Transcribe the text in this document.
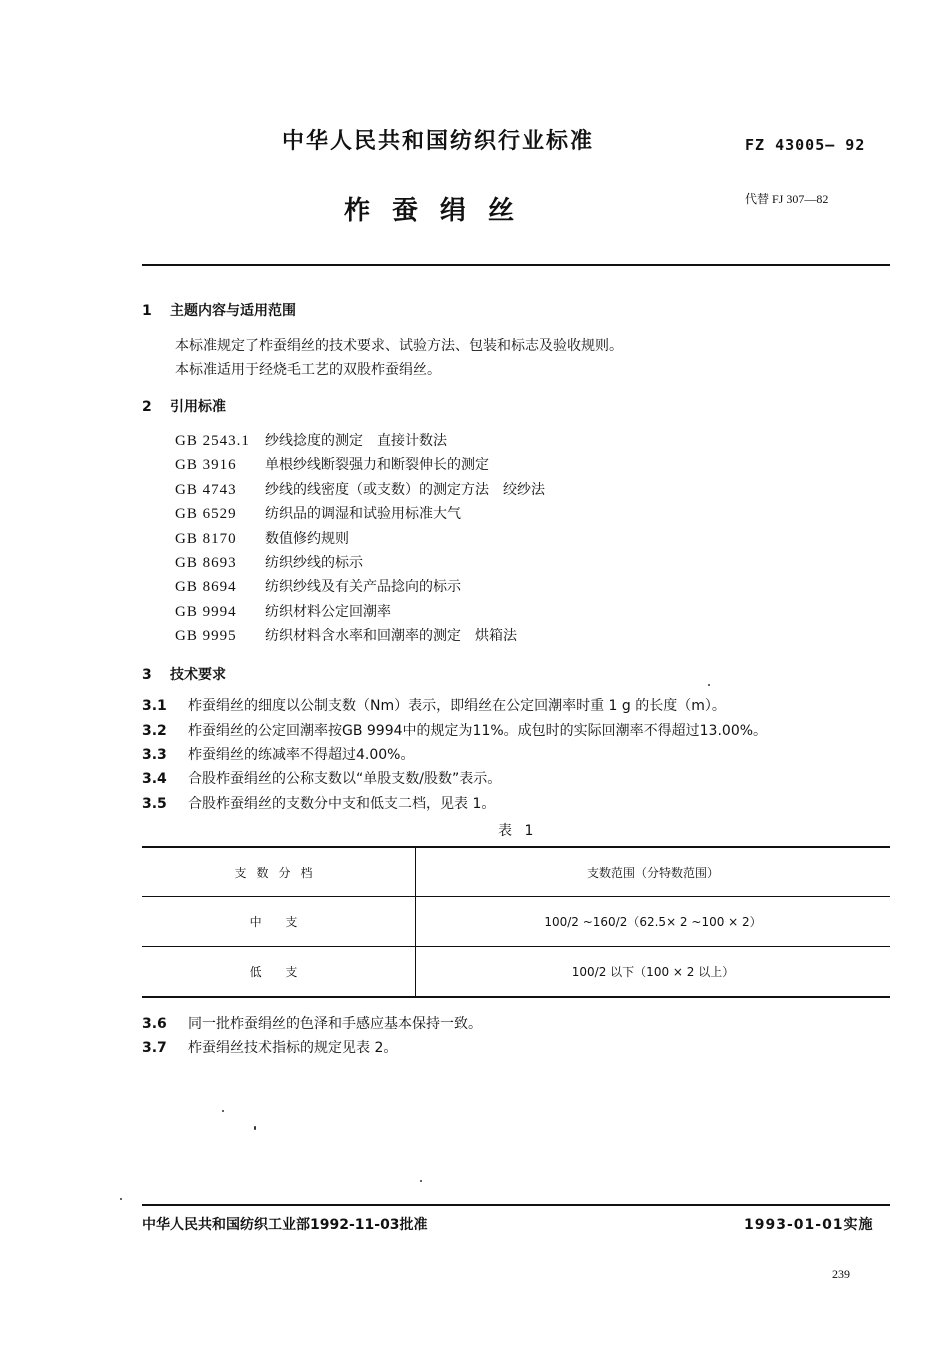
中华人民共和国纺织行业标准	FZ 43005— 92
柞蚕绢丝	代替 FJ 307—82
1 主题内容与适用范围
本标准规定了柞蚕绢丝的技术要求、试验方法、包装和标志及验收规则。
本标准适用于经烧毛工艺的双股柞蚕绢丝。
2 引用标准
GB 2543.1 纱线捻度的测定　直接计数法
GB 3916 单根纱线断裂强力和断裂伸长的测定
GB 4743 纱线的线密度（或支数）的测定方法　绞纱法
GB 6529 纺织品的调湿和试验用标准大气
GB 8170 数值修约规则
GB 8693 纺织纱线的标示
GB 8694 纺织纱线及有关产品捻向的标示
GB 9994 纺织材料公定回潮率
GB 9995 纺织材料含水率和回潮率的测定　烘箱法
3 技术要求
3.1 柞蚕绢丝的细度以公制支数（Nm）表示，即绢丝在公定回潮率时重 1 g 的长度（m）。
3.2 柞蚕绢丝的公定回潮率按GB 9994中的规定为11%。成包时的实际回潮率不得超过13.00%。
3.3 柞蚕绢丝的练减率不得超过4.00%。
3.4 合股柞蚕绢丝的公称支数以“单股支数/股数”表示。
3.5 合股柞蚕绢丝的支数分中支和低支二档，见表 1。
表 1
支数分档	支数范围（分特数范围）
中 支	100/2 ~160/2（62.5× 2 ~100 × 2）
低 支	100/2 以下（100 × 2 以上）
3.6 同一批柞蚕绢丝的色泽和手感应基本保持一致。
3.7 柞蚕绢丝技术指标的规定见表 2。
中华人民共和国纺织工业部1992-11-03批准	1993-01-01实施
239
